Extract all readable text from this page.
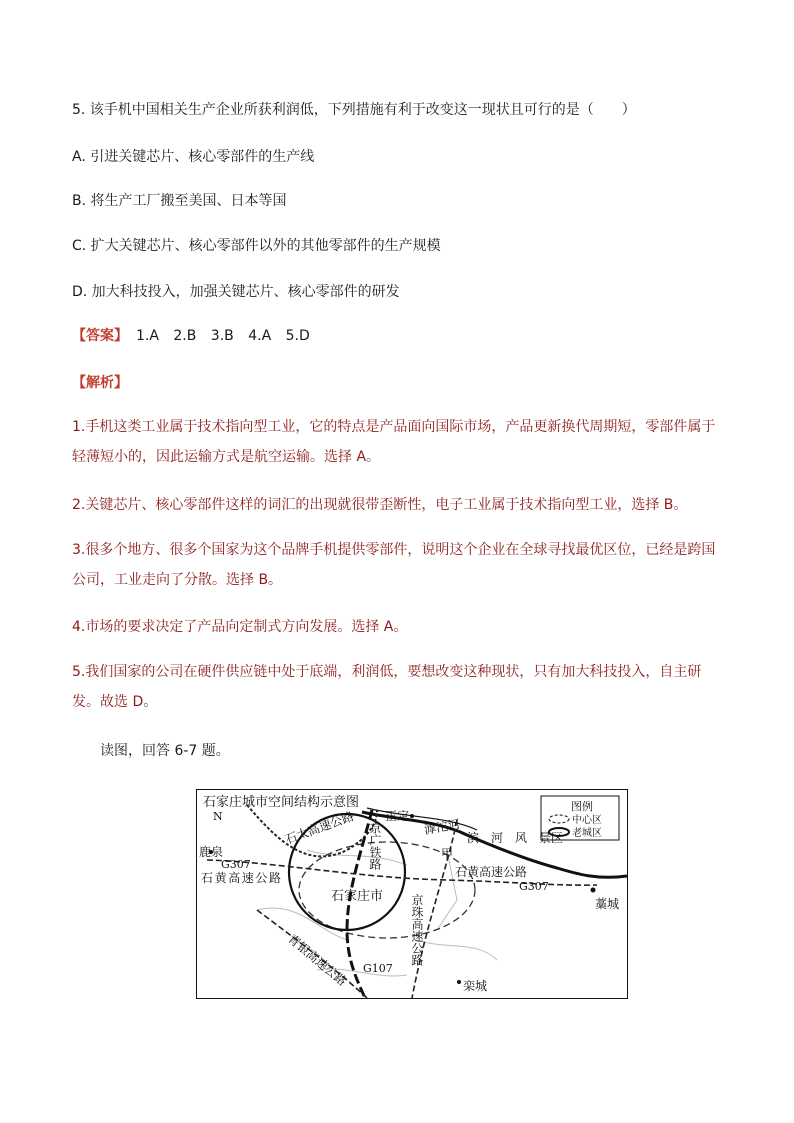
5. 该手机中国相关生产企业所获利润低，下列措施有利于改变这一现状且可行的是（　　）
A. 引进关键芯片、核心零部件的生产线
B. 将生产工厂搬至美国、日本等国
C. 扩大关键芯片、核心零部件以外的其他零部件的生产规模
D. 加大科技投入，加强关键芯片、核心零部件的研发
【答案】 1.A 2.B 3.B 4.A 5.D
【解析】
1.手机这类工业属于技术指向型工业，它的特点是产品面向国际市场，产品更新换代周期短，零部件属于轻薄短小的，因此运输方式是航空运输。选择 A。
2.关键芯片、核心零部件这样的词汇的出现就很带歪断性，电子工业属于技术指向型工业，选择 B。
3.很多个地方、很多个国家为这个品牌手机提供零部件，说明这个企业在全球寻找最优区位，已经是跨国公司，工业走向了分散。选择 B。
4.市场的要求决定了产品向定制式方向发展。选择 A。
5.我们国家的公司在硬件供应链中处于底端，利润低，要想改变这种现状，只有加大科技投入，自主研发。故选 D。
读图，回答 6-7 题。
石家庄城市空间结构示意图
N
图例
中心区
老城区
石太高速公路 京广铁路
正定
滹沱河
滨　河　风　景区
鹿泉
G307
石黄高速公路
甲
石黄高速公路
G307
石家庄市 京珠高速公路	藁城
青银高速公路 G107
栾城
